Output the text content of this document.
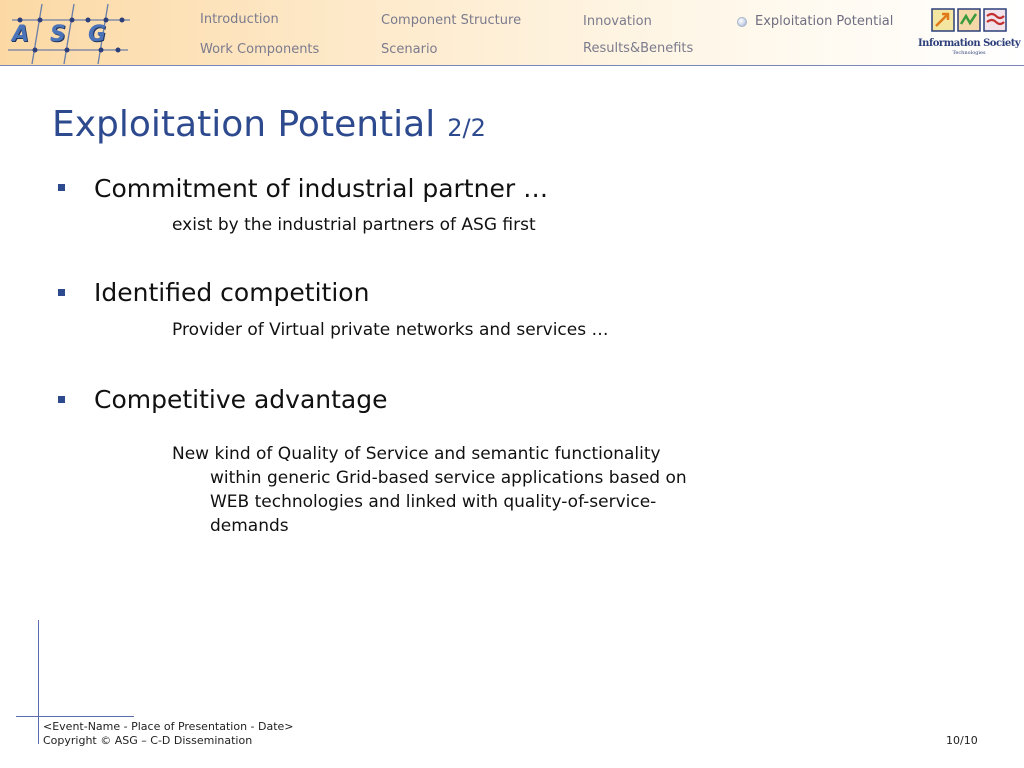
A S G
Introduction
Work Components
Component Structure
Scenario
Innovation
Results&Benefits
Exploitation Potential
Information Society
Technologies
Exploitation Potential 2/2
Commitment of industrial partner …
exist by the industrial partners of ASG first
Identified competition
Provider of Virtual private networks and services …
Competitive advantage
New kind of Quality of Service and semantic functionality
within generic Grid-based service applications based on
WEB technologies and linked with quality-of-service-
demands
<Event-Name - Place of Presentation - Date>
Copyright © ASG – C-D Dissemination	10/10
